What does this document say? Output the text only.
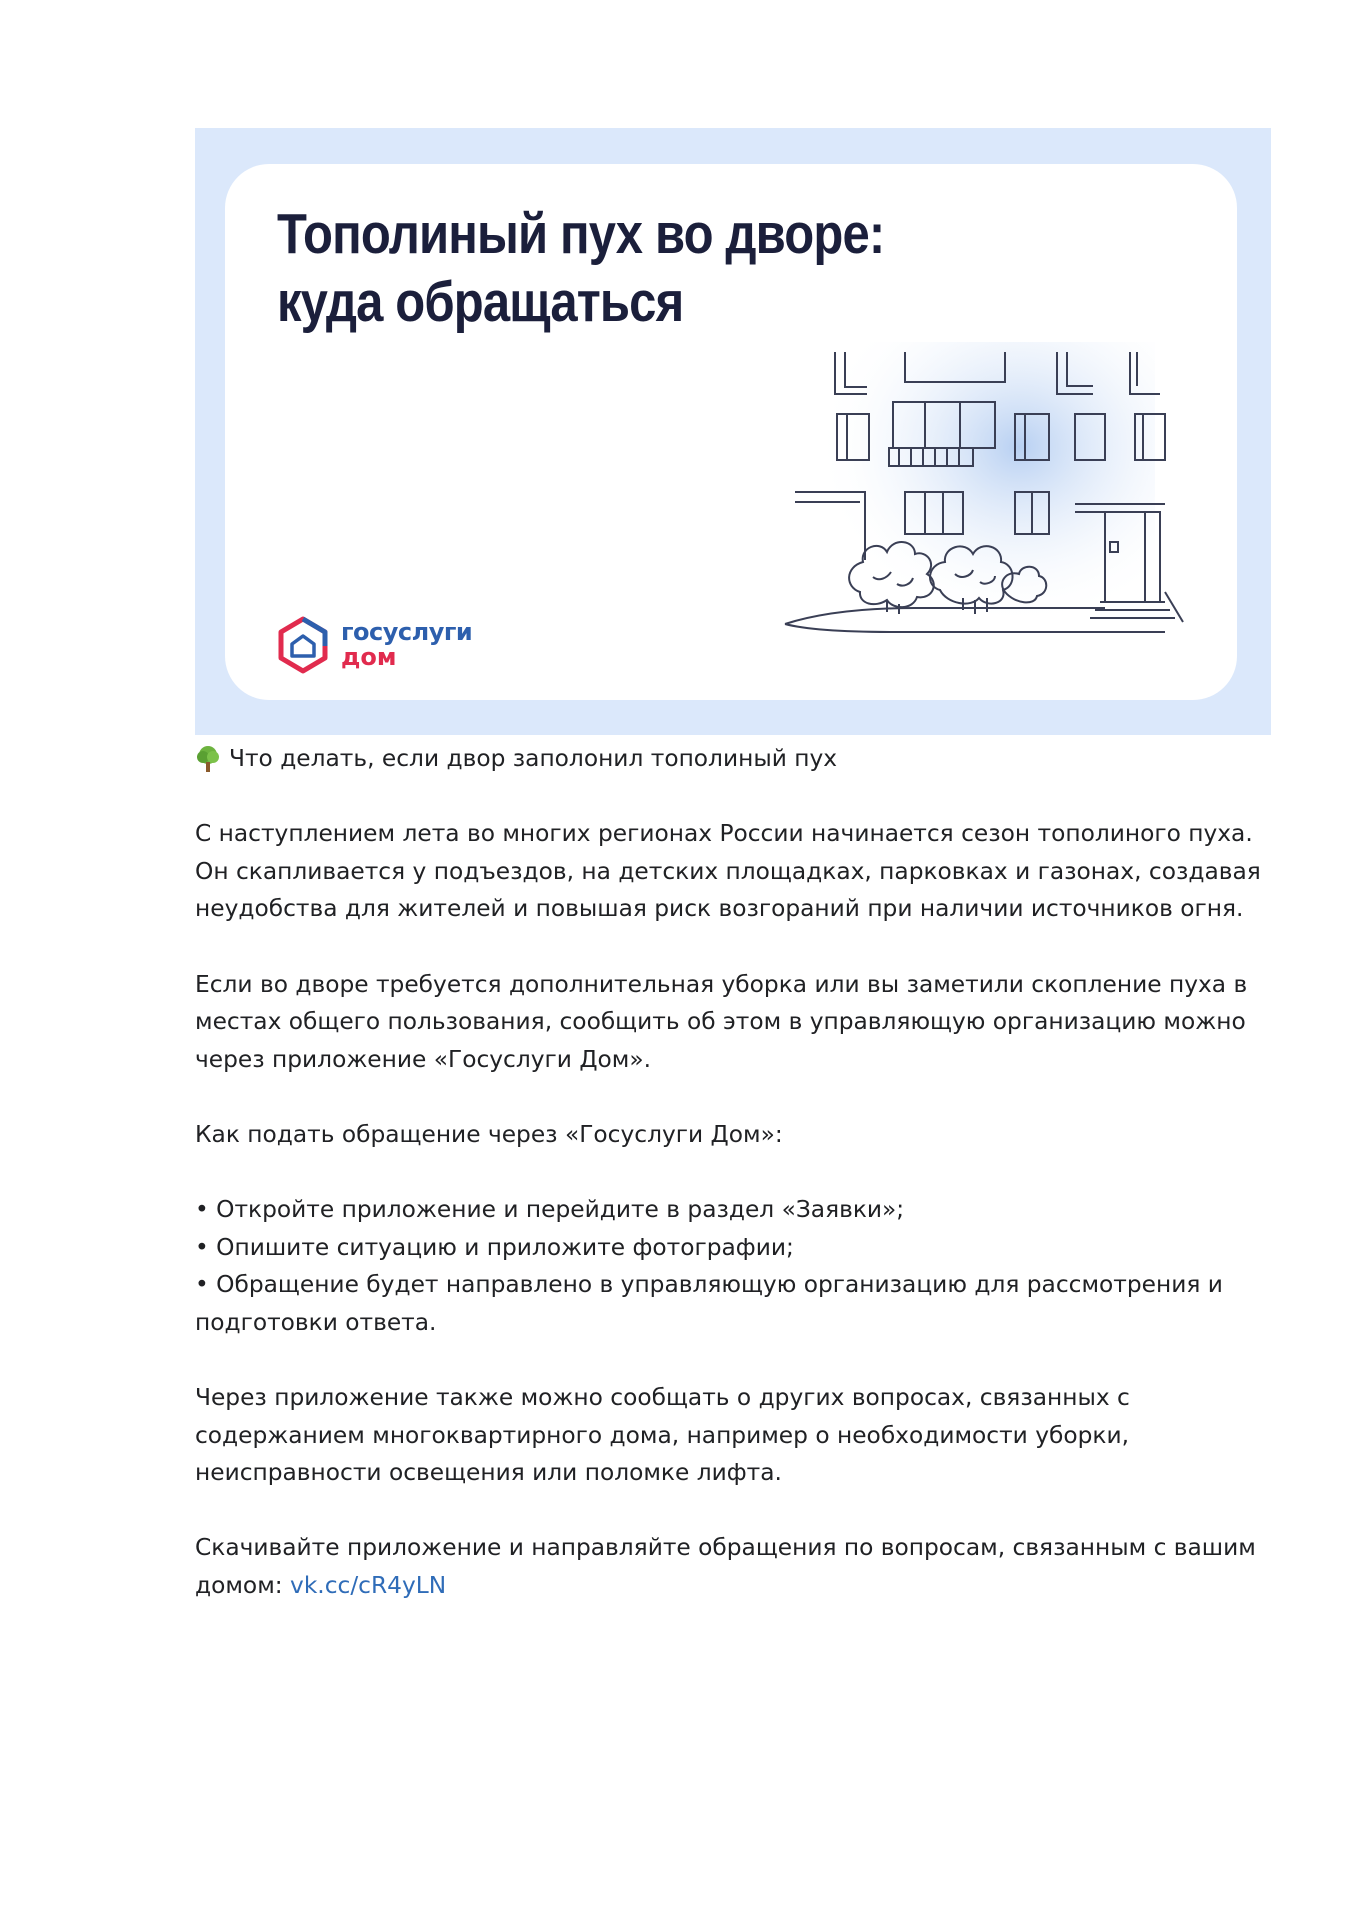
Тополиный пух во дворе:
куда обращаться
госуслуги
дом
Что делать, если двор заполонил тополиный пух

С наступлением лета во многих регионах России начинается сезон тополиного пуха. Он скапливается у подъездов, на детских площадках, парковках и газонах, создавая неудобства для жителей и повышая риск возгораний при наличии источников огня.

Если во дворе требуется дополнительная уборка или вы заметили скопление пуха в местах общего пользования, сообщить об этом в управляющую организацию можно через приложение «Госуслуги Дом».

Как подать обращение через «Госуслуги Дом»:

• Откройте приложение и перейдите в раздел «Заявки»;
• Опишите ситуацию и приложите фотографии;
• Обращение будет направлено в управляющую организацию для рассмотрения и подготовки ответа.

Через приложение также можно сообщать о других вопросах, связанных с содержанием многоквартирного дома, например о необходимости уборки, неисправности освещения или поломке лифта.

Скачивайте приложение и направляйте обращения по вопросам, связанным с вашим домом: vk.cc/cR4yLN
